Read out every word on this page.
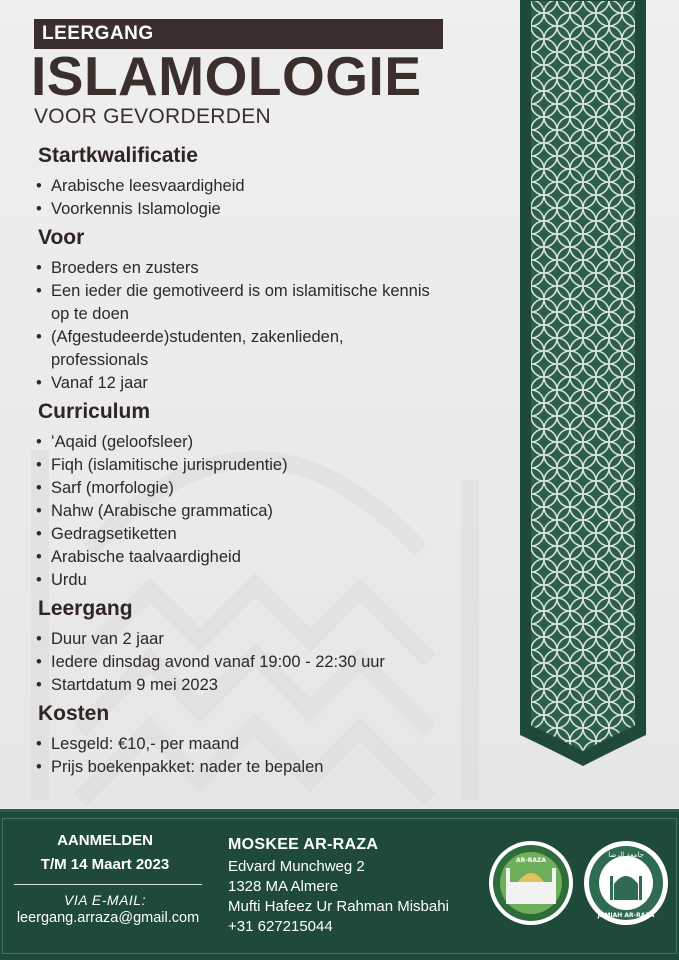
LEERGANG
ISLAMOLOGIE
VOOR GEVORDERDEN
Startkwalificatie
• Arabische leesvaardigheid
• Voorkennis Islamologie
Voor
• Broeders en zusters
• Een ieder die gemotiveerd is om islamitische kennis op te doen
• (Afgestudeerde)studenten, zakenlieden, professionals
• Vanaf 12 jaar
Curriculum
• ʻAqaid (geloofsleer)
• Fiqh (islamitische jurisprudentie)
• Sarf (morfologie)
• Nahw (Arabische grammatica)
• Gedragsetiketten
• Arabische taalvaardigheid
• Urdu
Leergang
• Duur van 2 jaar
• Iedere dinsdag avond vanaf 19:00 - 22:30 uur
• Startdatum 9 mei 2023
Kosten
• Lesgeld: €10,- per maand
• Prijs boekenpakket: nader te bepalen
AANMELDEN
T/M 14 Maart 2023
VIA E-MAIL:
leergang.arraza@gmail.com
MOSKEE AR-RAZA
Edvard Munchweg 2
1328 MA Almere
Mufti Hafeez Ur Rahman Misbahi
+31 627215044
AR-RAZA
جامعة الرضا
JAMIAH AR-RAZA
